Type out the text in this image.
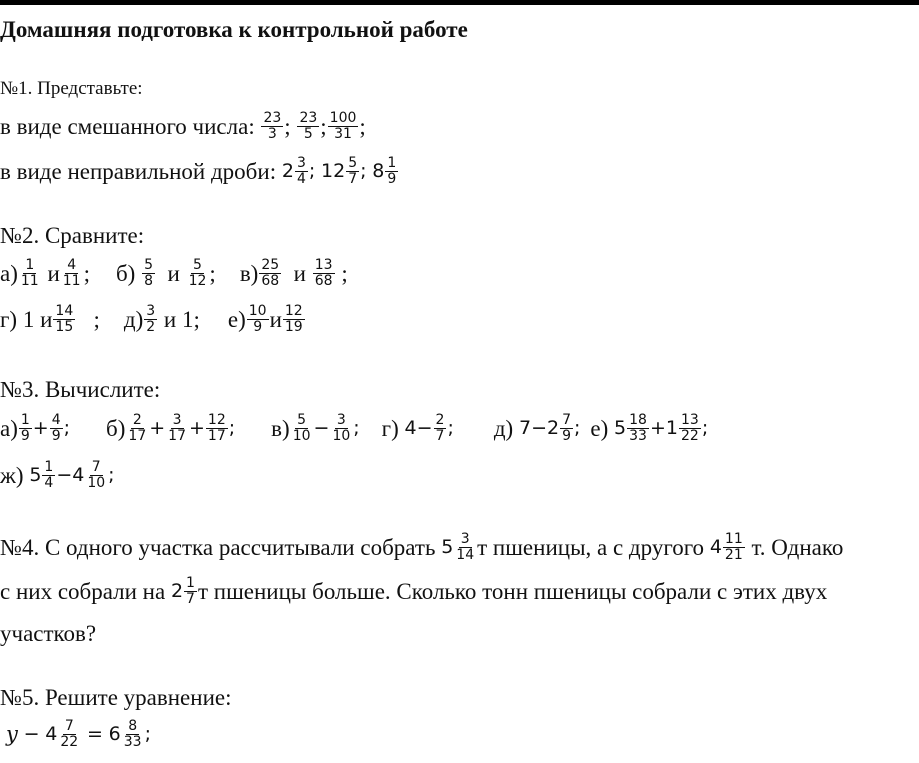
Домашняя подготовка к контрольной работе
№1. Представьте:
в виде смешанного числа:
$\frac{23}{3}$ ;
$\frac{23}{5}$ ; $\frac{100}{31}$ ;
в виде неправильной дроби:
$2 \frac{3}{4}$ ;
$12 \frac{5}{7}$ ;
$8 \frac{1}{9}$
№2. Сравните:
$а) \frac{1}{11}$
и $\frac{4}{11}$ ; б)
$\frac{5}{8}$
и
$\frac{5}{12}$ ; $в) \frac{25}{68}$
и
$\frac{13}{68}$
;
г)
1
и $\frac{14}{15}$
; $д) \frac{3}{2}$
и 1; $е) \frac{10}{9}$ и $\frac{12}{19}$
№3. Вычислите:
$а) \frac{1}{9} + \frac{4}{9}$ ; $б) \frac{2}{17} + \frac{3}{17} + \frac{12}{17}$ ; $в) \frac{5}{10} - \frac{3}{10}$ ; г)
$4 - \frac{2}{7}$ ; д)
$7 - 2 \frac{7}{9}$ ; е)
$5 \frac{18}{33} + 1 \frac{13}{22}$ ;
ж)
$5 \frac{1}{4} - 4 \frac{7}{10}$ ;
№4. С одного участка рассчитывали собрать
$5 \frac{3}{14}$ т пшеницы, а с другого
$4 \frac{11}{21}$
т. Однако
с них собрали на
$2 \frac{1}{7}$ т пшеницы больше. Сколько тонн пшеницы собрали с этих двух
участков?
№5. Решите уравнение:
y
−
$4 \frac{7}{22}$
=
$6 \frac{8}{33}$ ;
